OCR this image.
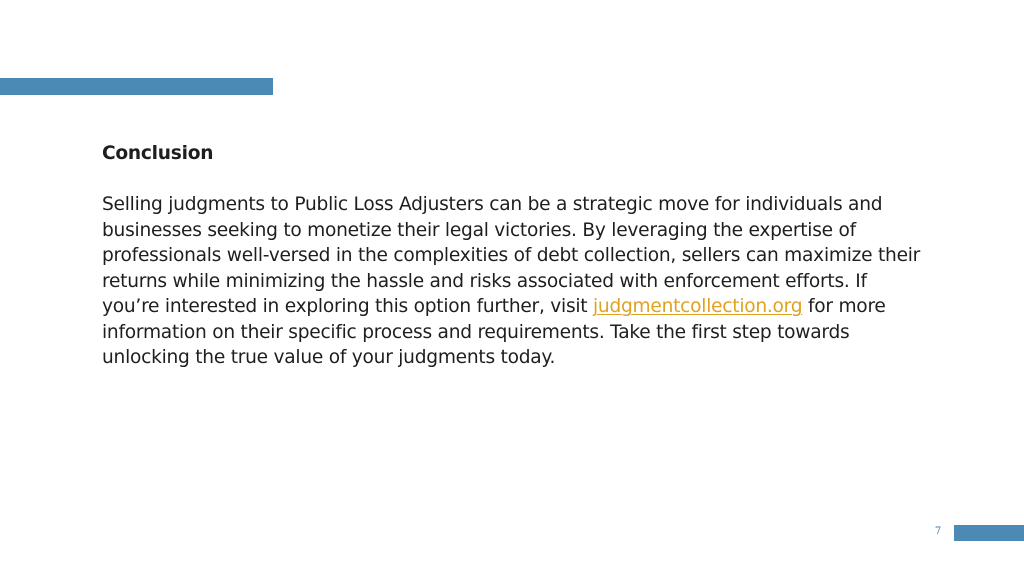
Conclusion

Selling judgments to Public Loss Adjusters can be a strategic move for individuals and businesses seeking to monetize their legal victories. By leveraging the expertise of professionals well-versed in the complexities of debt collection, sellers can maximize their returns while minimizing the hassle and risks associated with enforcement efforts. If you’re interested in exploring this option further, visit judgmentcollection.org for more information on their specific process and requirements. Take the first step towards unlocking the true value of your judgments today.

7
